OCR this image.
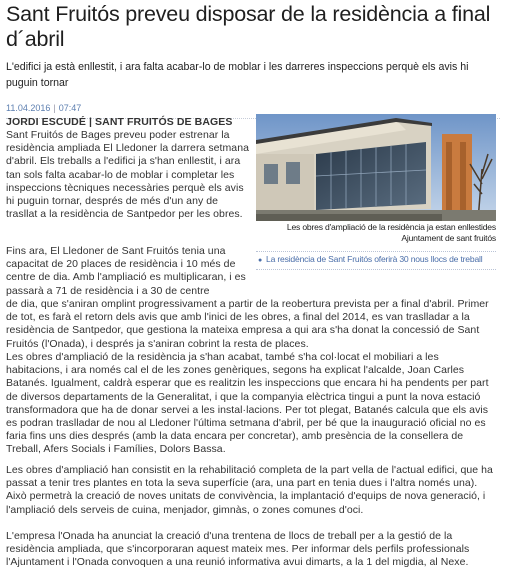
Sant Fruitós preveu disposar de la residència a final d´abril

L'edifici ja està enllestit, i ara falta acabar-lo de moblar i les darreres inspeccions perquè els avis hi puguin tornar

11.04.2016 | 07:47
JORDI ESCUDÉ | SANT FRUITÓS DE BAGES
Les obres d'ampliació de la residència ja estan enllestides Ajuntament de sant fruitós
● La residència de Sant Fruitós oferirà 30 nous llocs de treball

Sant Fruitós de Bages preveu poder estrenar la residència ampliada El Lledoner la darrera setmana d'abril. Els treballs a l'edifici ja s'han enllestit, i ara tan sols falta acabar-lo de moblar i completar les inspeccions tècniques necessàries perquè els avis hi puguin tornar, després de més d'un any de trasllat a la residència de Santpedor per les obres.

Fins ara, El Lledoner de Sant Fruitós tenia una capacitat de 20 places de residència i 10 més de centre de dia. Amb l'ampliació es multiplicaran, i es passarà a 71 de residència i a 30 de centre

de dia, que s'aniran omplint progressivament a partir de la reobertura prevista per a final d'abril. Primer de tot, es farà el retorn dels avis que amb l'inici de les obres, a final del 2014, es van traslladar a la residència de Santpedor, que gestiona la mateixa empresa a qui ara s'ha donat la concessió de Sant Fruitós (l'Onada), i després ja s'aniran cobrint la resta de places.

Les obres d'ampliació de la residència ja s'han acabat, també s'ha col·locat el mobiliari a les habitacions, i ara només cal el de les zones genèriques, segons ha explicat l'alcalde, Joan Carles Batanés. Igualment, caldrà esperar que es realitzin les inspeccions que encara hi ha pendents per part de diversos departaments de la Generalitat, i que la companyia elèctrica tingui a punt la nova estació transformadora que ha de donar servei a les instal·lacions. Per tot plegat, Batanés calcula que els avis es podran traslladar de nou al Lledoner l'última setmana d'abril, per bé que la inauguració oficial no es faria fins uns dies després (amb la data encara per concretar), amb presència de la consellera de Treball, Afers Socials i Famílies, Dolors Bassa.

Les obres d'ampliació han consistit en la rehabilitació completa de la part vella de l'actual edifici, que ha passat a tenir tres plantes en tota la seva superfície (ara, una part en tenia dues i l'altra només una). Això permetrà la creació de noves unitats de convivència, la implantació d'equips de nova generació, i l'ampliació dels serveis de cuina, menjador, gimnàs, o zones comunes d'oci.

L'empresa l'Onada ha anunciat la creació d'una trentena de llocs de treball per a la gestió de la residència ampliada, que s'incorporaran aquest mateix mes. Per informar dels perfils professionals l'Ajuntament i l'Onada convoquen a una reunió informativa avui dimarts, a la 1 del migdia, al Nexe.
